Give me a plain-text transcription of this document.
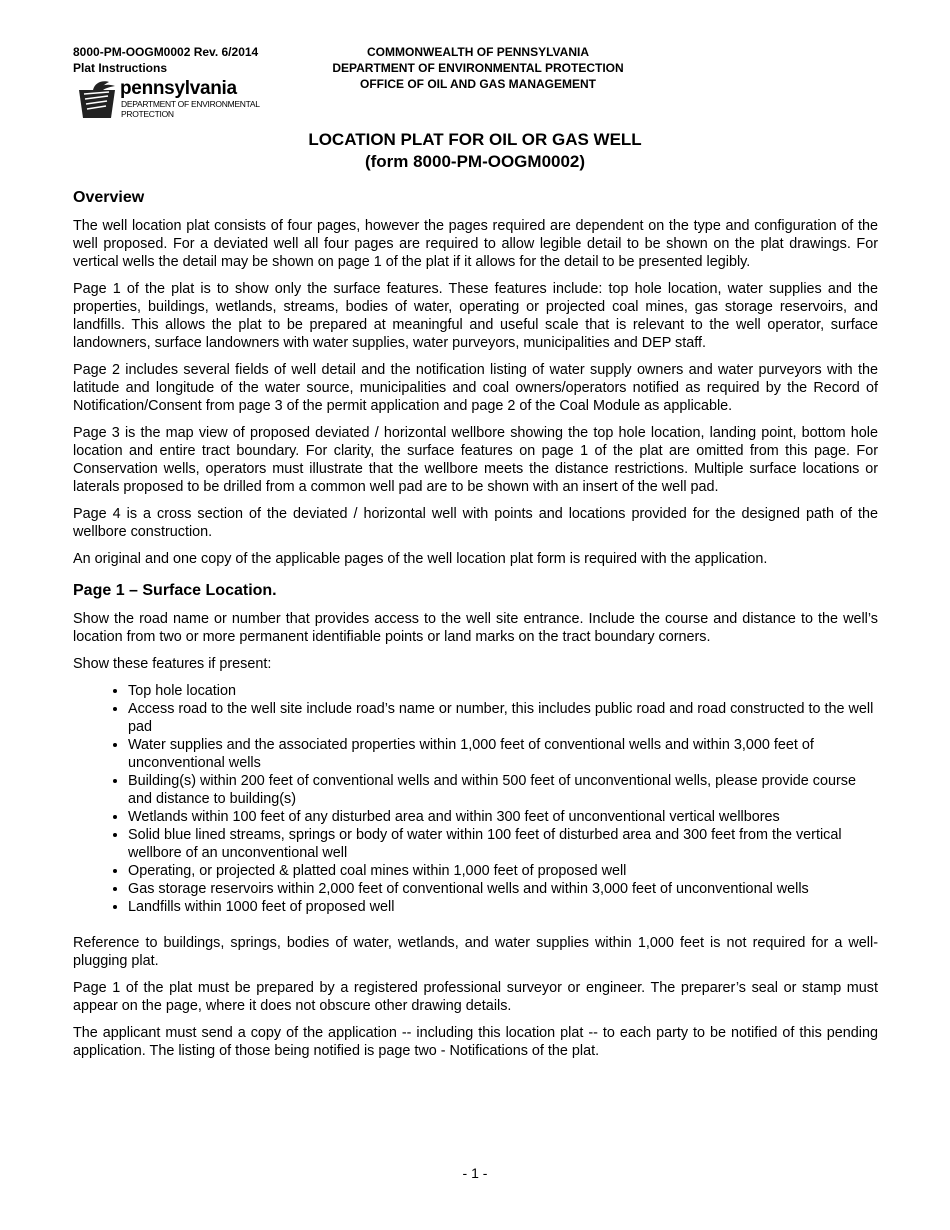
8000-PM-OOGM0002 Rev. 6/2014
Plat Instructions
COMMONWEALTH OF PENNSYLVANIA
DEPARTMENT OF ENVIRONMENTAL PROTECTION
OFFICE OF OIL AND GAS MANAGEMENT
pennsylvania
DEPARTMENT OF ENVIRONMENTAL PROTECTION
LOCATION PLAT FOR OIL OR GAS WELL
(form 8000-PM-OOGM0002)
Overview

The well location plat consists of four pages, however the pages required are dependent on the type and configuration of the well proposed. For a deviated well all four pages are required to allow legible detail to be shown on the plat drawings. For vertical wells the detail may be shown on page 1 of the plat if it allows for the detail to be presented legibly.

Page 1 of the plat is to show only the surface features. These features include: top hole location, water supplies and the properties, buildings, wetlands, streams, bodies of water, operating or projected coal mines, gas storage reservoirs, and landfills. This allows the plat to be prepared at meaningful and useful scale that is relevant to the well operator, surface landowners, surface landowners with water supplies, water purveyors, municipalities and DEP staff.

Page 2 includes several fields of well detail and the notification listing of water supply owners and water purveyors with the latitude and longitude of the water source, municipalities and coal owners/operators notified as required by the Record of Notification/Consent from page 3 of the permit application and page 2 of the Coal Module as applicable.

Page 3 is the map view of proposed deviated / horizontal wellbore showing the top hole location, landing point, bottom hole location and entire tract boundary. For clarity, the surface features on page 1 of the plat are omitted from this page. For Conservation wells, operators must illustrate that the wellbore meets the distance restrictions. Multiple surface locations or laterals proposed to be drilled from a common well pad are to be shown with an insert of the well pad.

Page 4 is a cross section of the deviated / horizontal well with points and locations provided for the designed path of the wellbore construction.

An original and one copy of the applicable pages of the well location plat form is required with the application.

Page 1 – Surface Location.

Show the road name or number that provides access to the well site entrance. Include the course and distance to the well’s location from two or more permanent identifiable points or land marks on the tract boundary corners.

Show these features if present:

• Top hole location
• Access road to the well site include road’s name or number, this includes public road and road constructed to the well pad
• Water supplies and the associated properties within 1,000 feet of conventional wells and within 3,000 feet of unconventional wells
• Building(s) within 200 feet of conventional wells and within 500 feet of unconventional wells, please provide course and distance to building(s)
• Wetlands within 100 feet of any disturbed area and within 300 feet of unconventional vertical wellbores
• Solid blue lined streams, springs or body of water within 100 feet of disturbed area and 300 feet from the vertical wellbore of an unconventional well
• Operating, or projected & platted coal mines within 1,000 feet of proposed well
• Gas storage reservoirs within 2,000 feet of conventional wells and within 3,000 feet of unconventional wells
• Landfills within 1000 feet of proposed well

Reference to buildings, springs, bodies of water, wetlands, and water supplies within 1,000 feet is not required for a well-plugging plat.

Page 1 of the plat must be prepared by a registered professional surveyor or engineer. The preparer’s seal or stamp must appear on the page, where it does not obscure other drawing details.

The applicant must send a copy of the application -- including this location plat -- to each party to be notified of this pending application. The listing of those being notified is page two - Notifications of the plat.

- 1 -
